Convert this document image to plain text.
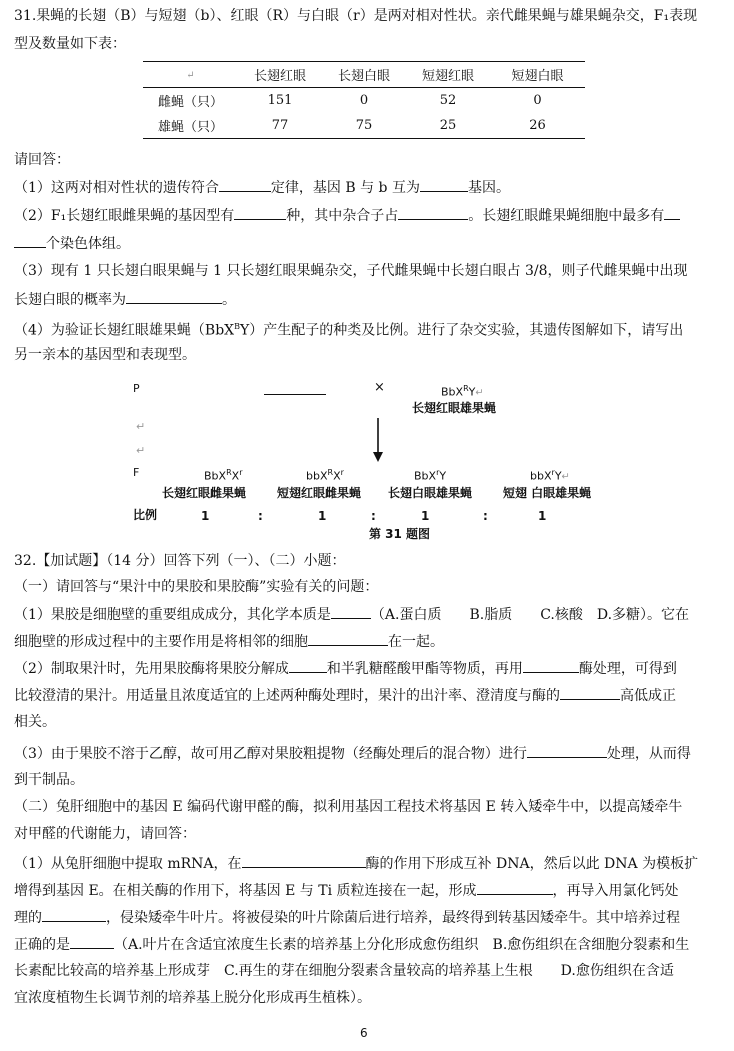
31.果蝇的长翅（B）与短翅（b）、红眼（R）与白眼（r）是两对相对性状。亲代雌果蝇与雄果蝇杂交，F₁表现
型及数量如下表：
↵	长翅红眼	长翅白眼	短翅红眼	短翅白眼
雌蝇（只）	151	0	52	0
雄蝇（只）	77	75	25	26
请回答：
（1）这两对相对性状的遗传符合	定律，基因 B 与 b 互为	基因。
（2）F₁长翅红眼雌果蝇的基因型有	种，其中杂合子占	。长翅红眼雌果蝇细胞中最多有
个染色体组。
（3）现有 1 只长翅白眼果蝇与 1 只长翅红眼果蝇杂交，子代雌果蝇中长翅白眼占 3/8，则子代雌果蝇中出现
长翅白眼的概率为	。
（4）为验证长翅红眼雄果蝇（BbX$^B$Y）产生配子的种类及比例。进行了杂交实验，其遗传图解如下，请写出
另一亲本的基因型和表现型。
P	×	BbX$^R$Y↵
长翅红眼雄果蝇
↵
↵
F	$BbX^RX^r$	$bbX^RX^r$	BbX$^r$Y	bbX$^r$Y↵
长翅红眼雌果蝇	短翅红眼雌果蝇 长翅白眼雄果蝇	短翅 白眼雄果蝇
比例	1	:	1	:	1	:	1
第 31 题图
32.【加试题】（14 分）回答下列（一）、（二）小题：
（一）请回答与“果汁中的果胶和果胶酶”实验有关的问题：
（1）果胶是细胞壁的重要组成成分，其化学本质是	（A.蛋白质　　B.脂质　　C.核酸　D.多糖）。它在
细胞壁的形成过程中的主要作用是将相邻的细胞	在一起。
（2）制取果汁时，先用果胶酶将果胶分解成	和半乳糖醛酸甲酯等物质，再用	酶处理，可得到
比较澄清的果汁。用适量且浓度适宜的上述两种酶处理时，果汁的出汁率、澄清度与酶的	高低成正
相关。
（3）由于果胶不溶于乙醇，故可用乙醇对果胶粗提物（经酶处理后的混合物）进行	处理，从而得
到干制品。
（二）兔肝细胞中的基因 E 编码代谢甲醛的酶，拟利用基因工程技术将基因 E 转入矮牵牛中，以提高矮牵牛
对甲醛的代谢能力，请回答：
（1）从兔肝细胞中提取 mRNA，在	酶的作用下形成互补 DNA，然后以此 DNA 为模板扩
增得到基因 E。在相关酶的作用下，将基因 E 与 Ti 质粒连接在一起，形成	，再导入用氯化钙处
理的	，侵染矮牵牛叶片。将被侵染的叶片除菌后进行培养，最终得到转基因矮牵牛。其中培养过程
正确的是	（A.叶片在含适宜浓度生长素的培养基上分化形成愈伤组织　B.愈伤组织在含细胞分裂素和生
长素配比较高的培养基上形成芽　C.再生的芽在细胞分裂素含量较高的培养基上生根　　D.愈伤组织在含适
宜浓度植物生长调节剂的培养基上脱分化形成再生植株）。
6
